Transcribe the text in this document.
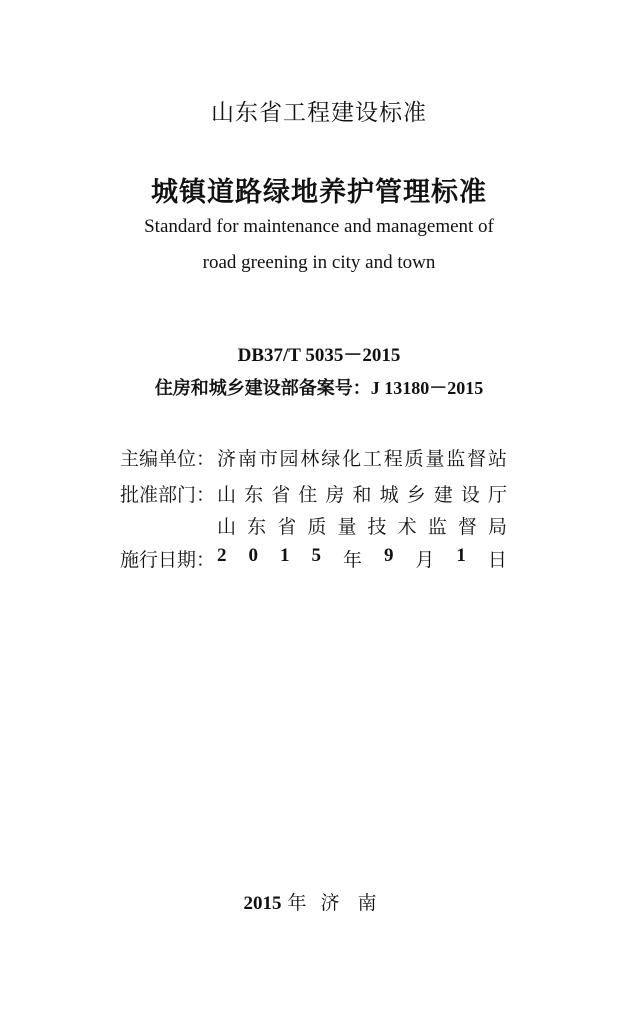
山东省工程建设标准
城镇道路绿地养护管理标准
Standard for maintenance and management of
road greening in city and town
DB37/T 5035－2015
住房和城乡建设部备案号：J 13180－2015
主编单位： 济 南 市 园 林 绿 化 工 程 质 量 监 督 站
批准部门： 山 东 省 住 房 和 城 乡 建 设 厅
山 东 省 质 量 技 术 监 督 局
施行日期： 2 0 1 5 年 9 月 1 日
2015 年 济南
